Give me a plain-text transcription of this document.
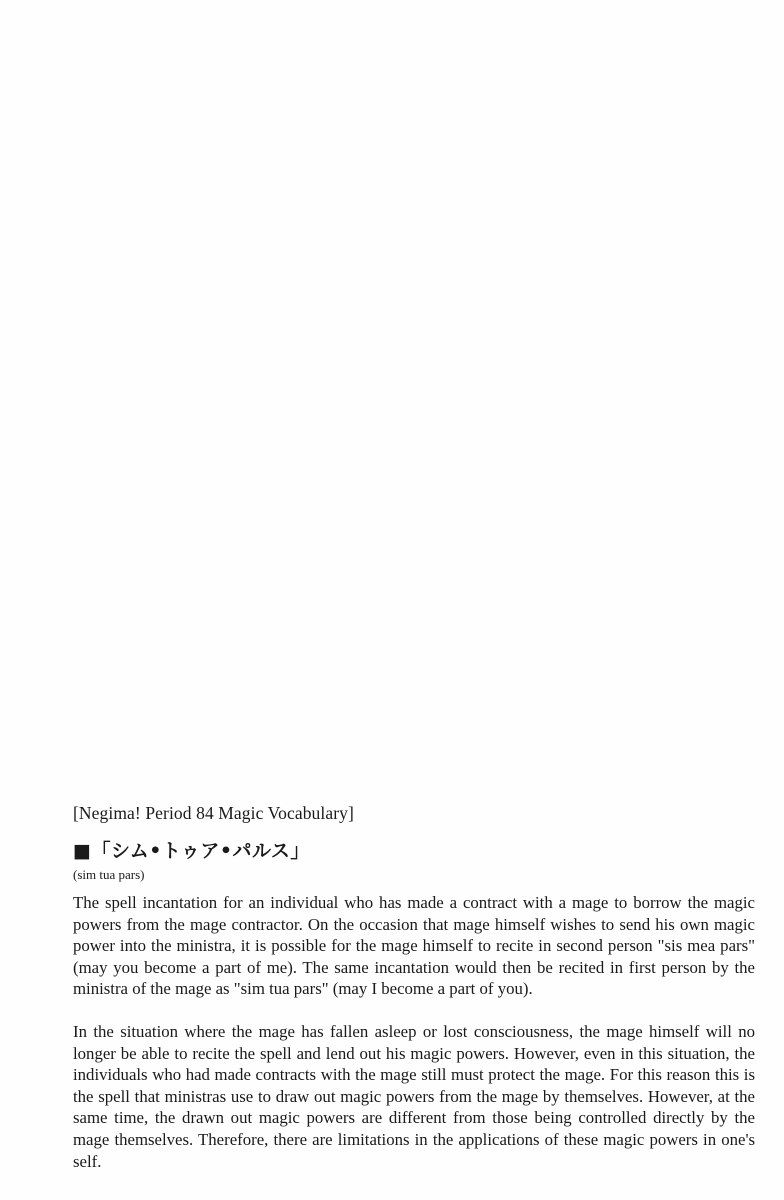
[Negima! Period 84 Magic Vocabulary]
■「シム•トゥア•パルス」
(sim tua pars)

The spell incantation for an individual who has made a contract with a mage to borrow the magic powers from the mage contractor. On the occasion that mage himself wishes to send his own magic power into the ministra, it is possible for the mage himself to recite in second person "sis mea pars" (may you become a part of me). The same incantation would then be recited in first person by the ministra of the mage as "sim tua pars" (may I become a part of you).

In the situation where the mage has fallen asleep or lost consciousness, the mage himself will no longer be able to recite the spell and lend out his magic powers. However, even in this situation, the individuals who had made contracts with the mage still must protect the mage. For this reason this is the spell that ministras use to draw out magic powers from the mage by themselves. However, at the same time, the drawn out magic powers are different from those being controlled directly by the mage themselves. Therefore, there are limitations in the applications of these magic powers in one's self.
